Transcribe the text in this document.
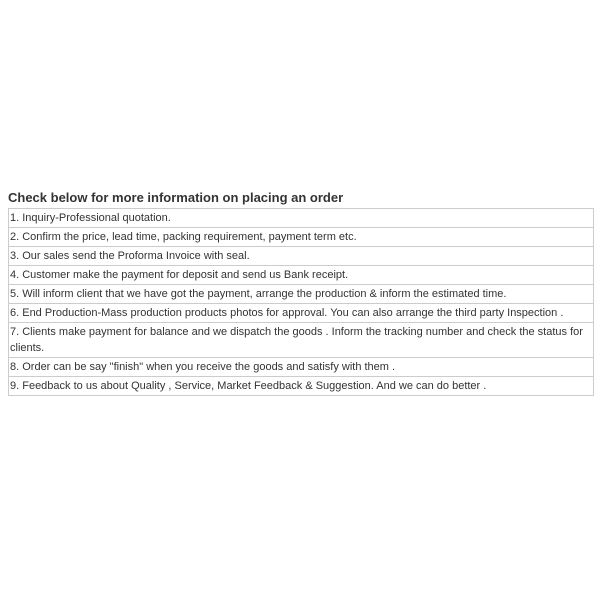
Check below for more information on placing an order
1. Inquiry-Professional quotation.
2. Confirm the price, lead time, packing requirement, payment term etc.
3. Our sales send the Proforma Invoice with seal.
4. Customer make the payment for deposit and send us Bank receipt.
5. Will inform client that we have got the payment, arrange the production & inform the estimated time.
6. End Production-Mass production products photos for approval. You can also arrange the third party Inspection .
7. Clients make payment for balance and we dispatch the goods . Inform the tracking number and check the status for clients.
8. Order can be say "finish" when you receive the goods and satisfy with them .
9. Feedback to us about Quality , Service, Market Feedback & Suggestion. And we can do better .
